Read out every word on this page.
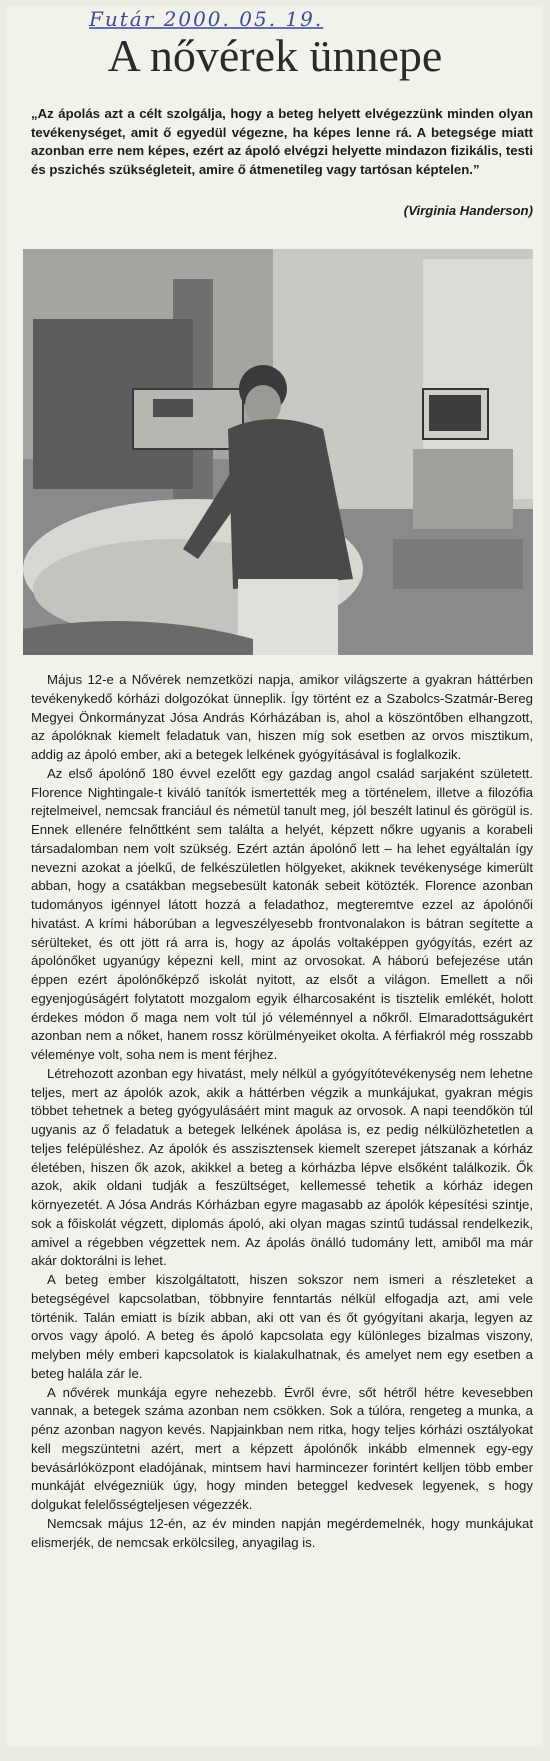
Futár 2000. 05. 19.
A nővérek ünnepe

„Az ápolás azt a célt szolgálja, hogy a beteg helyett elvégezzünk minden olyan tevékenységet, amit ő egyedül végezne, ha képes lenne rá. A betegsége miatt azonban erre nem képes, ezért az ápoló elvégzi helyette mindazon fizikális, testi és pszichés szükségleteit, amire ő átmenetileg vagy tartósan képtelen.”

(Virginia Handerson)

Május 12-e a Nővérek nemzetközi napja, amikor világszerte a gyakran háttérben tevékenykedő kórházi dolgozókat ünneplik. Így történt ez a Szabolcs-Szatmár-Bereg Megyei Önkormányzat Jósa András Kórházában is, ahol a köszöntőben elhangzott, az ápolóknak kiemelt feladatuk van, hiszen míg sok esetben az orvos misztikum, addig az ápoló ember, aki a betegek lelkének gyógyításával is foglalkozik.

Az első ápolónő 180 évvel ezelőtt egy gazdag angol család sarjaként született. Florence Nightingale-t kiváló tanítók ismertették meg a történelem, illetve a filozófia rejtelmeivel, nemcsak franciául és németül tanult meg, jól beszélt latinul és görögül is. Ennek ellenére felnőttként sem találta a helyét, képzett nőkre ugyanis a korabeli társadalomban nem volt szükség. Ezért aztán ápolónő lett – ha lehet egyáltalán így nevezni azokat a jóelkű, de felkészületlen hölgyeket, akiknek tevékenysége kimerült abban, hogy a csatákban megsebesült katonák sebeit kötözték. Florence azonban tudományos igénnyel látott hozzá a feladathoz, megteremtve ezzel az ápolónői hivatást. A krími háborúban a legveszélyesebb frontvonalakon is bátran segítette a sérülteket, és ott jött rá arra is, hogy az ápolás voltaképpen gyógyítás, ezért az ápolónőket ugyanúgy képezni kell, mint az orvosokat. A háború befejezése után éppen ezért ápolónőképző iskolát nyitott, az elsőt a világon. Emellett a női egyenjogúságért folytatott mozgalom egyik élharcosaként is tisztelik emlékét, holott érdekes módon ő maga nem volt túl jó véleménnyel a nőkről. Elmaradottságukért azonban nem a nőket, hanem rossz körülményeiket okolta. A férfiakról még rosszabb véleménye volt, soha nem is ment férjhez.

Létrehozott azonban egy hivatást, mely nélkül a gyógyítótevékenység nem lehetne teljes, mert az ápolók azok, akik a háttérben végzik a munkájukat, gyakran mégis többet tehetnek a beteg gyógyulásáért mint maguk az orvosok. A napi teendőkön túl ugyanis az ő feladatuk a betegek lelkének ápolása is, ez pedig nélkülözhetetlen a teljes felépüléshez. Az ápolók és asszisztensek kiemelt szerepet játszanak a kórház életében, hiszen ők azok, akikkel a beteg a kórházba lépve elsőként találkozik. Ők azok, akik oldani tudják a feszültséget, kellemessé tehetik a kórház idegen környezetét. A Jósa András Kórházban egyre magasabb az ápolók képesítési szintje, sok a főiskolát végzett, diplomás ápoló, aki olyan magas szintű tudással rendelkezik, amivel a régebben végzettek nem. Az ápolás önálló tudomány lett, amiből ma már akár doktorálni is lehet.

A beteg ember kiszolgáltatott, hiszen sokszor nem ismeri a részleteket a betegségével kapcsolatban, többnyire fenntartás nélkül elfogadja azt, ami vele történik. Talán emiatt is bízik abban, aki ott van és őt gyógyítani akarja, legyen az orvos vagy ápoló. A beteg és ápoló kapcsolata egy különleges bizalmas viszony, melyben mély emberi kapcsolatok is kialakulhatnak, és amelyet nem egy esetben a beteg halála zár le.

A nővérek munkája egyre nehezebb. Évről évre, sőt hétről hétre kevesebben vannak, a betegek száma azonban nem csökken. Sok a túlóra, rengeteg a munka, a pénz azonban nagyon kevés. Napjainkban nem ritka, hogy teljes kórházi osztályokat kell megszüntetni azért, mert a képzett ápolónők inkább elmennek egy-egy bevásárlóközpont eladójának, mintsem havi harmincezer forintért kelljen több ember munkáját elvégezniük úgy, hogy minden beteggel kedvesek legyenek, s hogy dolgukat felelősségteljesen végezzék.

Nemcsak május 12-én, az év minden napján megérdemelnék, hogy munkájukat elismerjék, de nemcsak erkölcsileg, anyagilag is.
